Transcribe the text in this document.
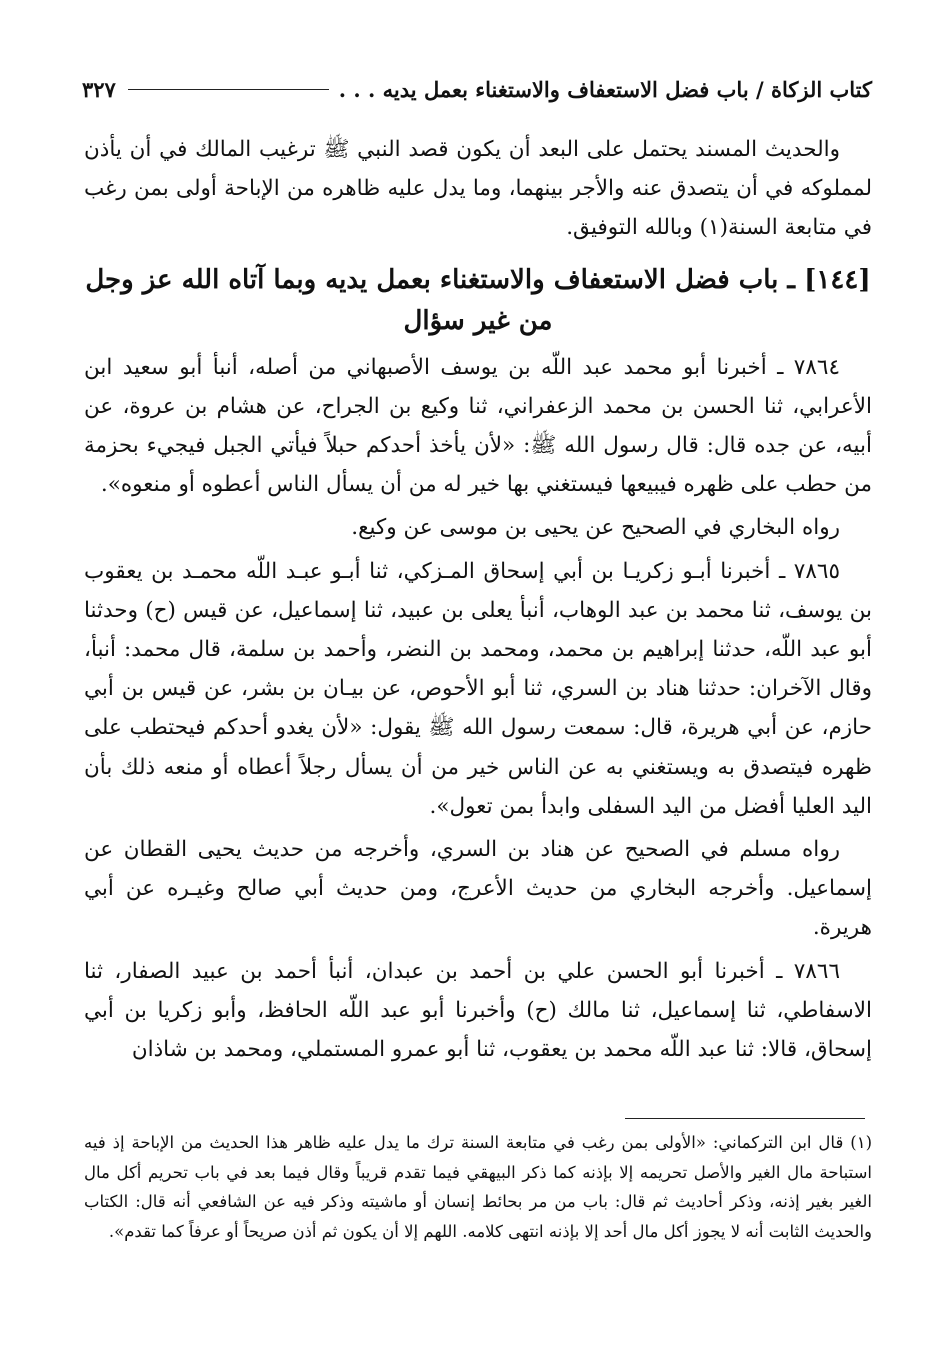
كتاب الزكاة / باب فضل الاستعفاف والاستغناء بعمل يديه . . .
٣٢٧

والحديث المسند يحتمل على البعد أن يكون قصد النبي ﷺ ترغيب المالك في أن يأذن لمملوكه في أن يتصدق عنه والأجر بينهما، وما يدل عليه ظاهره من الإباحة أولى بمن رغب في متابعة السنة(١) وبالله التوفيق.

[١٤٤] ـ باب فضل الاستعفاف والاستغناء بعمل يديه وبما آتاه الله عز وجل من غير سؤال

٧٨٦٤ ـ أخبرنا أبو محمد عبد اللّه بن يوسف الأصبهاني من أصله، أنبأ أبو سعيد ابن الأعرابي، ثنا الحسن بن محمد الزعفراني، ثنا وكيع بن الجراح، عن هشام بن عروة، عن أبيه، عن جده قال: قال رسول الله ﷺ: «لأن يأخذ أحدكم حبلاً فيأتي الجبل فيجيء بحزمة من حطب على ظهره فيبيعها فيستغني بها خير له من أن يسأل الناس أعطوه أو منعوه».

رواه البخاري في الصحيح عن يحيى بن موسى عن وكيع.

٧٨٦٥ ـ أخبرنا أبـو زكريـا بن أبي إسحاق المـزكي، ثنا أبـو عبـد اللّه محمـد بن يعقوب بن يوسف، ثنا محمد بن عبد الوهاب، أنبأ يعلى بن عبيد، ثنا إسماعيل، عن قيس (ح) وحدثنا أبو عبد اللّه، حدثنا إبراهيم بن محمد، ومحمد بن النضر، وأحمد بن سلمة، قال محمد: أنبأ، وقال الآخران: حدثنا هناد بن السري، ثنا أبو الأحوص، عن بيـان بن بشر، عن قيس بن أبي حازم، عن أبي هريرة، قال: سمعت رسول الله ﷺ يقول: «لأن يغدو أحدكم فيحتطب على ظهره فيتصدق به ويستغني به عن الناس خير من أن يسأل رجلاً أعطاه أو منعه ذلك بأن اليد العليا أفضل من اليد السفلى وابدأ بمن تعول».

رواه مسلم في الصحيح عن هناد بن السري، وأخرجه من حديث يحيى القطان عن إسماعيل. وأخرجه البخاري من حديث الأعرج، ومن حديث أبي صالح وغيـره عن أبي هريرة.

٧٨٦٦ ـ أخبرنا أبو الحسن علي بن أحمد بن عبدان، أنبأ أحمد بن عبيد الصفار، ثنا الاسفاطي، ثنا إسماعيل، ثنا مالك (ح) وأخبرنا أبو عبد اللّه الحافظ، وأبو زكريا بن أبي إسحاق، قالا: ثنا عبد اللّه محمد بن يعقوب، ثنا أبو عمرو المستملي، ومحمد بن شاذان

(١) قال ابن التركماني: «الأولى بمن رغب في متابعة السنة ترك ما يدل عليه ظاهر هذا الحديث من الإباحة إذ فيه استباحة مال الغير والأصل تحريمه إلا بإذنه كما ذكر البيهقي فيما تقدم قريباً وقال فيما بعد في باب تحريم أكل مال الغير بغير إذنه، وذكر أحاديث ثم قال: باب من مر بحائط إنسان أو ماشيته وذكر فيه عن الشافعي أنه قال: الكتاب والحديث الثابت أنه لا يجوز أكل مال أحد إلا بإذنه انتهى كلامه. اللهم إلا أن يكون ثم أذن صريحاً أو عرفاً كما تقدم».
